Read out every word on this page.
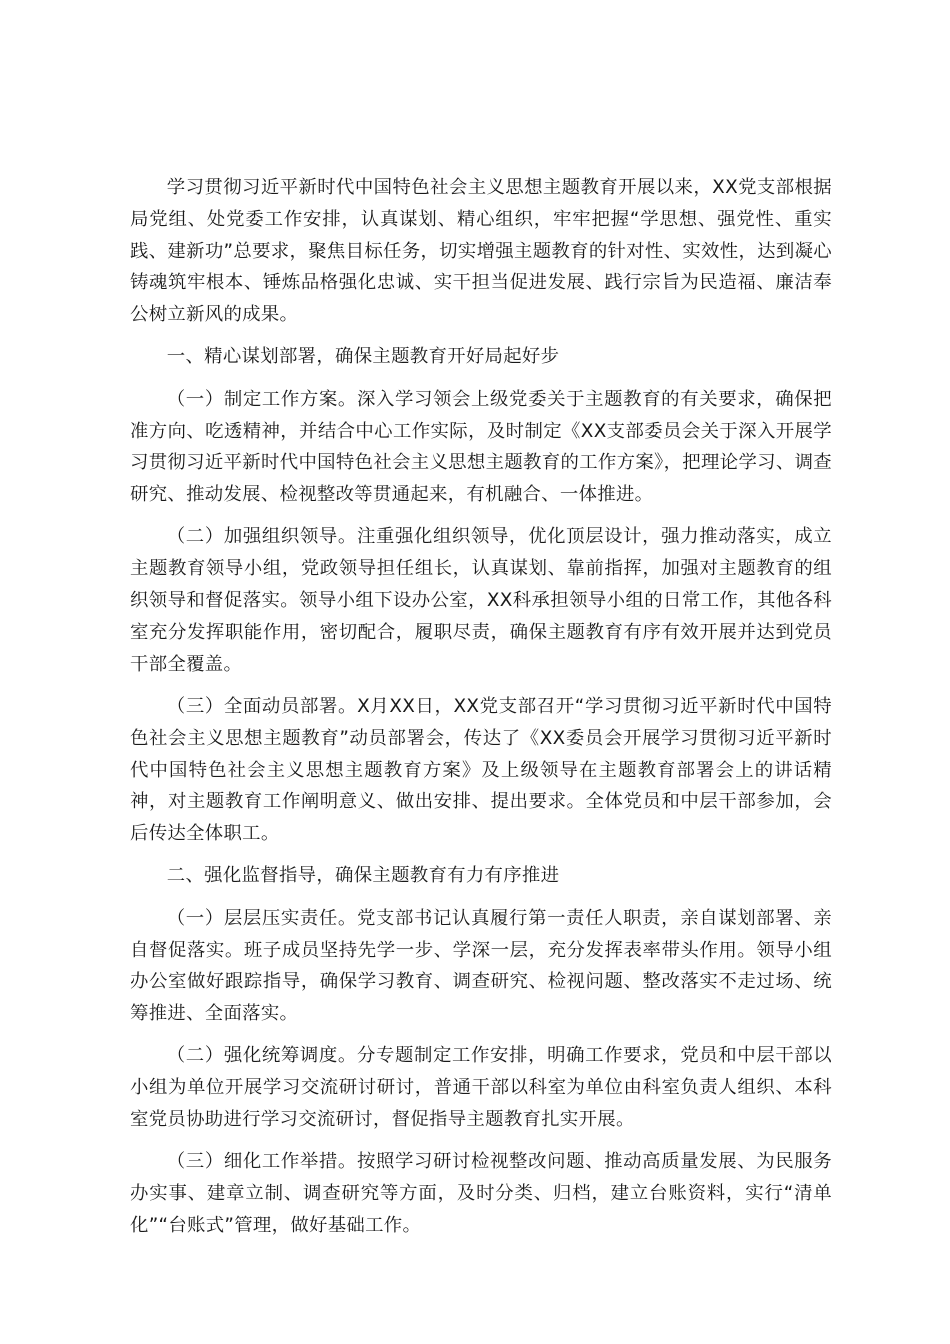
学习贯彻习近平新时代中国特色社会主义思想主题教育开展以来，XX党支部根据局党组、处党委工作安排，认真谋划、精心组织，牢牢把握“学思想、强党性、重实践、建新功”总要求，聚焦目标任务，切实增强主题教育的针对性、实效性，达到凝心铸魂筑牢根本、锤炼品格强化忠诚、实干担当促进发展、践行宗旨为民造福、廉洁奉公树立新风的成果。

一、精心谋划部署，确保主题教育开好局起好步

（一）制定工作方案。深入学习领会上级党委关于主题教育的有关要求，确保把准方向、吃透精神，并结合中心工作实际，及时制定《XX支部委员会关于深入开展学习贯彻习近平新时代中国特色社会主义思想主题教育的工作方案》，把理论学习、调查研究、推动发展、检视整改等贯通起来，有机融合、一体推进。

（二）加强组织领导。注重强化组织领导，优化顶层设计，强力推动落实，成立主题教育领导小组，党政领导担任组长，认真谋划、靠前指挥，加强对主题教育的组织领导和督促落实。领导小组下设办公室，XX科承担领导小组的日常工作，其他各科室充分发挥职能作用，密切配合，履职尽责，确保主题教育有序有效开展并达到党员干部全覆盖。

（三）全面动员部署。X月XX日，XX党支部召开“学习贯彻习近平新时代中国特色社会主义思想主题教育”动员部署会，传达了《XX委员会开展学习贯彻习近平新时代中国特色社会主义思想主题教育方案》及上级领导在主题教育部署会上的讲话精神，对主题教育工作阐明意义、做出安排、提出要求。全体党员和中层干部参加，会后传达全体职工。

二、强化监督指导，确保主题教育有力有序推进

（一）层层压实责任。党支部书记认真履行第一责任人职责，亲自谋划部署、亲自督促落实。班子成员坚持先学一步、学深一层，充分发挥表率带头作用。领导小组办公室做好跟踪指导，确保学习教育、调查研究、检视问题、整改落实不走过场、统筹推进、全面落实。

（二）强化统筹调度。分专题制定工作安排，明确工作要求，党员和中层干部以小组为单位开展学习交流研讨研讨，普通干部以科室为单位由科室负责人组织、本科室党员协助进行学习交流研讨，督促指导主题教育扎实开展。

（三）细化工作举措。按照学习研讨检视整改问题、推动高质量发展、为民服务办实事、建章立制、调查研究等方面，及时分类、归档，建立台账资料，实行“清单化”“台账式”管理，做好基础工作。
